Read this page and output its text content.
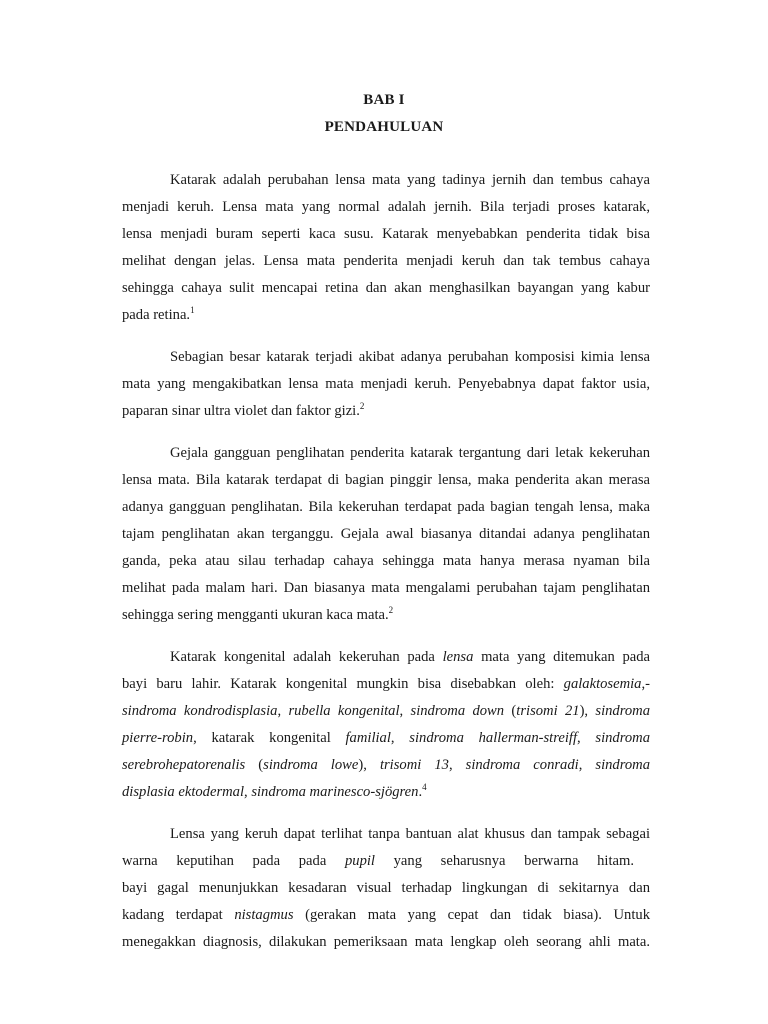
BAB I
PENDAHULUAN
Katarak adalah perubahan lensa mata yang tadinya jernih dan tembus cahaya
menjadi keruh. Lensa mata yang normal adalah jernih. Bila terjadi proses katarak,
lensa menjadi buram seperti kaca susu. Katarak menyebabkan penderita tidak bisa
melihat dengan jelas. Lensa mata penderita menjadi keruh dan tak tembus cahaya
sehingga cahaya sulit mencapai retina dan akan menghasilkan bayangan yang kabur
pada retina.$^1$
Sebagian besar katarak terjadi akibat adanya perubahan komposisi kimia lensa
mata yang mengakibatkan lensa mata menjadi keruh. Penyebabnya dapat faktor usia,
paparan sinar ultra violet dan faktor gizi.$^2$
Gejala gangguan penglihatan penderita katarak tergantung dari letak kekeruhan
lensa mata. Bila katarak terdapat di bagian pinggir lensa, maka penderita akan merasa
adanya gangguan penglihatan. Bila kekeruhan terdapat pada bagian tengah lensa, maka
tajam penglihatan akan terganggu. Gejala awal biasanya ditandai adanya penglihatan
ganda, peka atau silau terhadap cahaya sehingga mata hanya merasa nyaman bila
melihat pada malam hari. Dan biasanya mata mengalami perubahan tajam penglihatan
sehingga sering mengganti ukuran kaca mata.$^2$
Katarak kongenital adalah kekeruhan pada lensa mata yang ditemukan pada
bayi baru lahir. Katarak kongenital mungkin bisa disebabkan oleh: galaktosemia,-
sindroma kondrodisplasia, rubella kongenital, sindroma down (trisomi 21), sindroma
pierre-robin, katarak kongenital familial, sindroma hallerman-streiff, sindroma
serebrohepatorenalis (sindroma lowe), trisomi 13, sindroma conradi, sindroma
displasia ektodermal, sindroma marinesco-sjögren.$^4$
Lensa yang keruh dapat terlihat tanpa bantuan alat khusus dan tampak sebagai
warna keputihan pada pada pupil yang seharusnya berwarna hitam.
bayi gagal menunjukkan kesadaran visual terhadap lingkungan di sekitarnya dan
kadang terdapat nistagmus (gerakan mata yang cepat dan tidak biasa). Untuk
menegakkan diagnosis, dilakukan pemeriksaan mata lengkap oleh seorang ahli mata.
